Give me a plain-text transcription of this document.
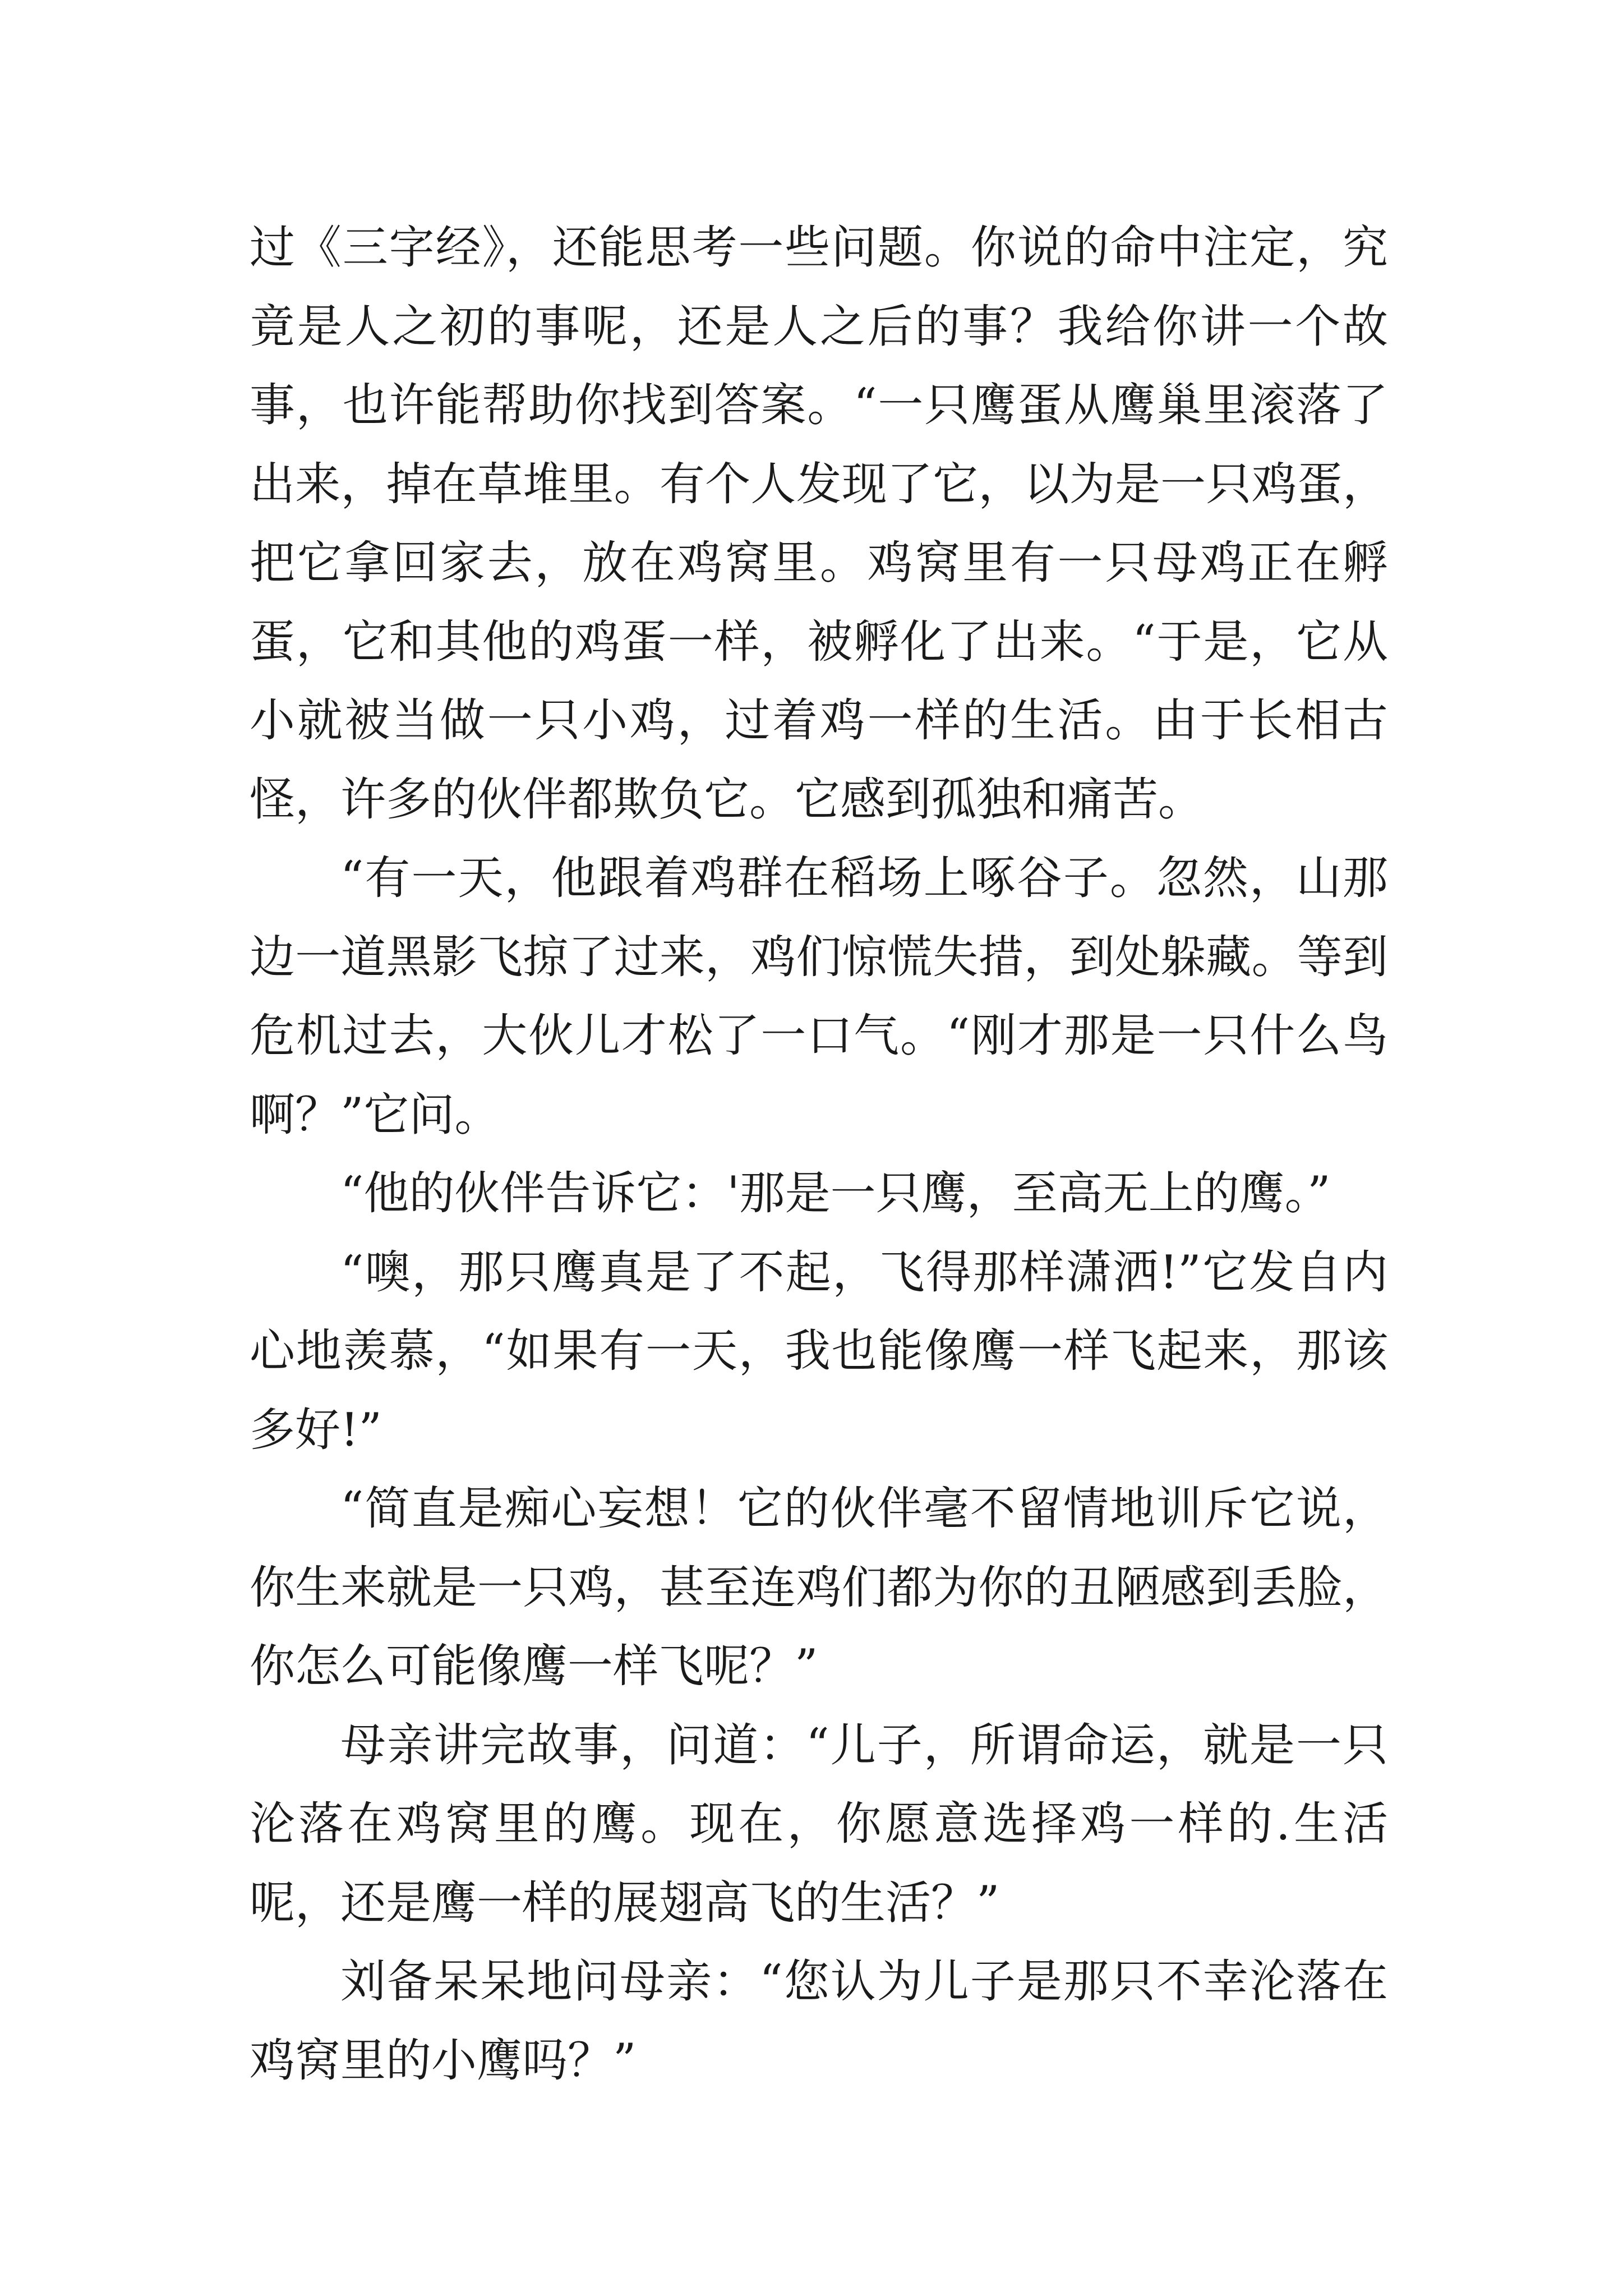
过《三字经》，还能思考一些问题。你说的命中注定，究竟是人之初的事呢，还是人之后的事？我给你讲一个故事，也许能帮助你找到答案。“一只鹰蛋从鹰巢里滚落了出来，掉在草堆里。有个人发现了它，以为是一只鸡蛋，把它拿回家去，放在鸡窝里。鸡窝里有一只母鸡正在孵蛋，它和其他的鸡蛋一样，被孵化了出来。“于是，它从小就被当做一只小鸡，过着鸡一样的生活。由于长相古怪，许多的伙伴都欺负它。它感到孤独和痛苦。

“有一天，他跟着鸡群在稻场上啄谷子。忽然，山那边一道黑影飞掠了过来，鸡们惊慌失措，到处躲藏。等到危机过去，大伙儿才松了一口气。“刚才那是一只什么鸟啊？”它问。

“他的伙伴告诉它：'那是一只鹰，至高无上的鹰。”

“噢，那只鹰真是了不起，飞得那样潇洒!”它发自内心地羡慕，“如果有一天，我也能像鹰一样飞起来，那该多好!”

“简直是痴心妄想！它的伙伴毫不留情地训斥它说，你生来就是一只鸡，甚至连鸡们都为你的丑陋感到丢脸，你怎么可能像鹰一样飞呢？”

母亲讲完故事，问道：“儿子，所谓命运，就是一只沦落在鸡窝里的鹰。现在，你愿意选择鸡一样的.生活呢，还是鹰一样的展翅高飞的生活？”

刘备呆呆地问母亲：“您认为儿子是那只不幸沦落在鸡窝里的小鹰吗？”
